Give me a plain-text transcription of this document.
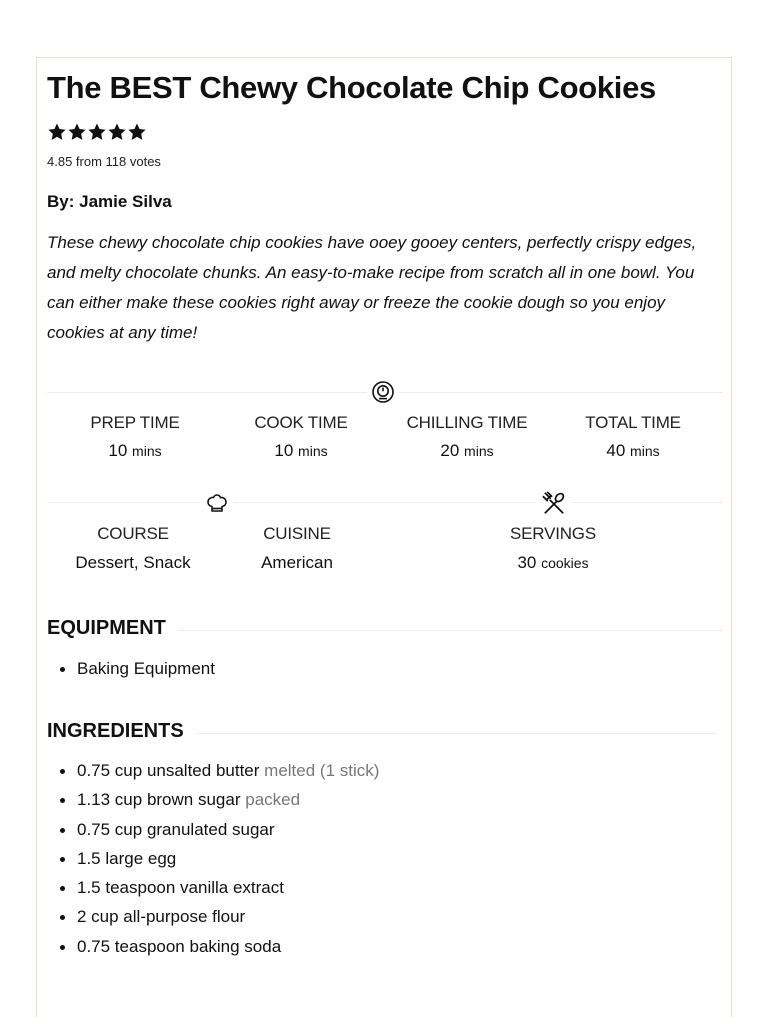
The BEST Chewy Chocolate Chip Cookies
4.85 from 118 votes
By: Jamie Silva

These chewy chocolate chip cookies have ooey gooey centers, perfectly crispy edges, and melty chocolate chunks. An easy-to-make recipe from scratch all in one bowl. You can either make these cookies right away or freeze the cookie dough so you enjoy cookies at any time!

PREP TIME
10 mins
COOK TIME
10 mins
CHILLING TIME
20 mins
TOTAL TIME
40 mins
COURSE
Dessert, Snack
CUISINE
American
SERVINGS
30 cookies
EQUIPMENT
Baking Equipment
INGREDIENTS
0.75 cup unsalted butter melted (1 stick)
1.13 cup brown sugar packed
0.75 cup granulated sugar
1.5 large egg
1.5 teaspoon vanilla extract
2 cup all-purpose flour
0.75 teaspoon baking soda
